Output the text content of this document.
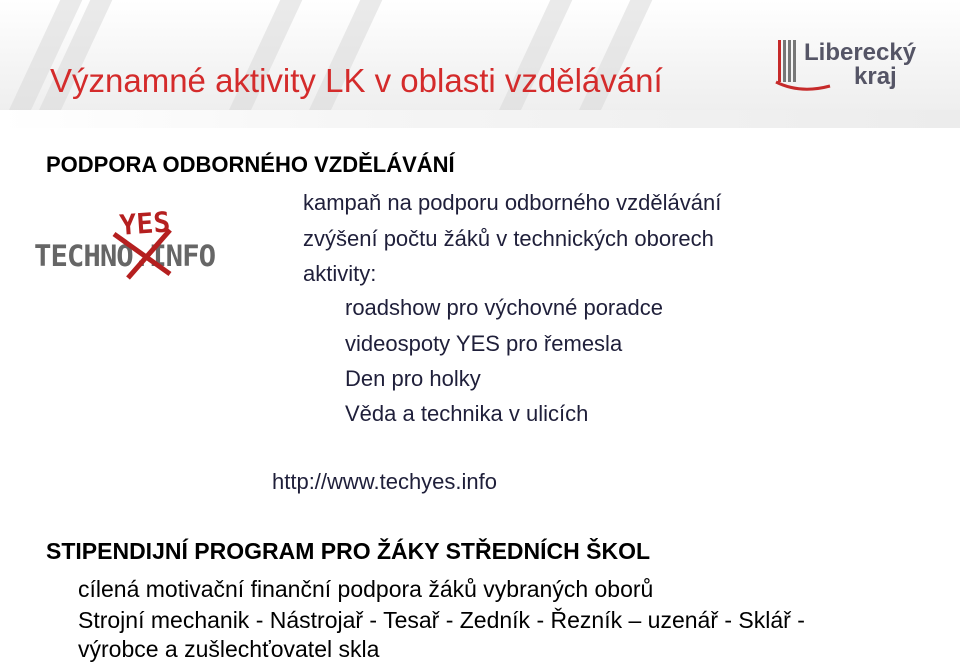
Významné aktivity LK v oblasti vzdělávání
Liberecký
kraj
PODPORA ODBORNÉHO VZDĚLÁVÁNÍ
YES
TECHNO.INFO
kampaň na podporu odborného vzdělávání
zvýšení počtu žáků v technických oborech
aktivity:
roadshow pro výchovné poradce
videospoty YES pro řemesla
Den pro holky
Věda a technika v ulicích
http://www.techyes.info
STIPENDIJNÍ PROGRAM PRO ŽÁKY STŘEDNÍCH ŠKOL
cílená motivační finanční podpora žáků vybraných oborů
Strojní mechanik - Nástrojař - Tesař - Zedník - Řezník – uzenář - Sklář -
výrobce a zušlechťovatel skla
